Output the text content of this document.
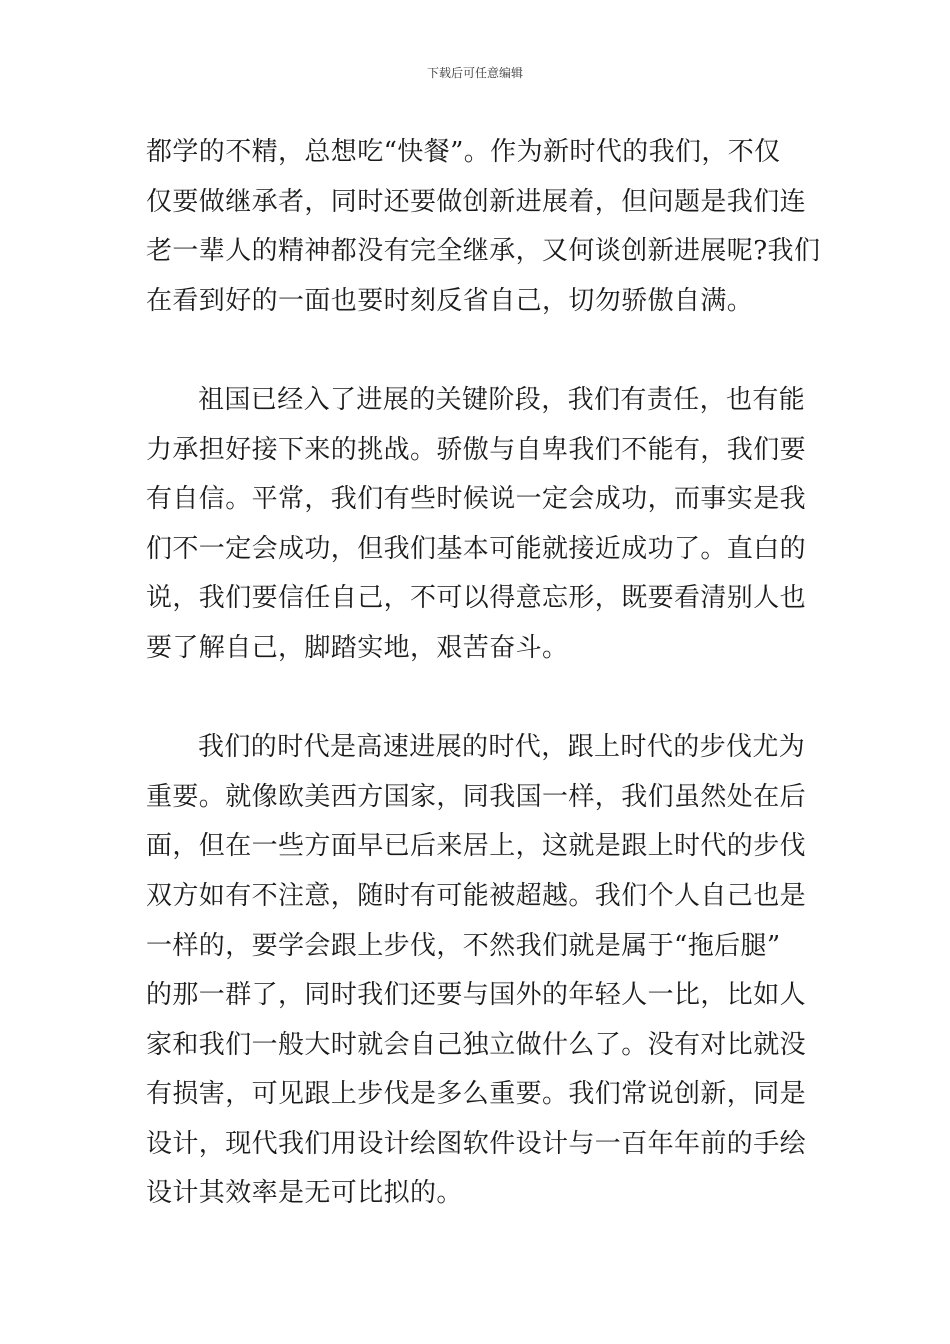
下载后可任意编辑
都学的不精，总想吃“快餐”。作为新时代的我们，不仅
仅要做继承者，同时还要做创新进展着，但问题是我们连
老一辈人的精神都没有完全继承，又何谈创新进展呢?我们
在看到好的一面也要时刻反省自己，切勿骄傲自满。
祖国已经入了进展的关键阶段，我们有责任，也有能
力承担好接下来的挑战。骄傲与自卑我们不能有，我们要
有自信。平常，我们有些时候说一定会成功，而事实是我
们不一定会成功，但我们基本可能就接近成功了。直白的
说，我们要信任自己，不可以得意忘形，既要看清别人也
要了解自己，脚踏实地，艰苦奋斗。
我们的时代是高速进展的时代，跟上时代的步伐尤为
重要。就像欧美西方国家，同我国一样，我们虽然处在后
面，但在一些方面早已后来居上，这就是跟上时代的步伐
双方如有不注意，随时有可能被超越。我们个人自己也是
一样的，要学会跟上步伐，不然我们就是属于“拖后腿”
的那一群了，同时我们还要与国外的年轻人一比，比如人
家和我们一般大时就会自己独立做什么了。没有对比就没
有损害，可见跟上步伐是多么重要。我们常说创新，同是
设计，现代我们用设计绘图软件设计与一百年年前的手绘
设计其效率是无可比拟的。
